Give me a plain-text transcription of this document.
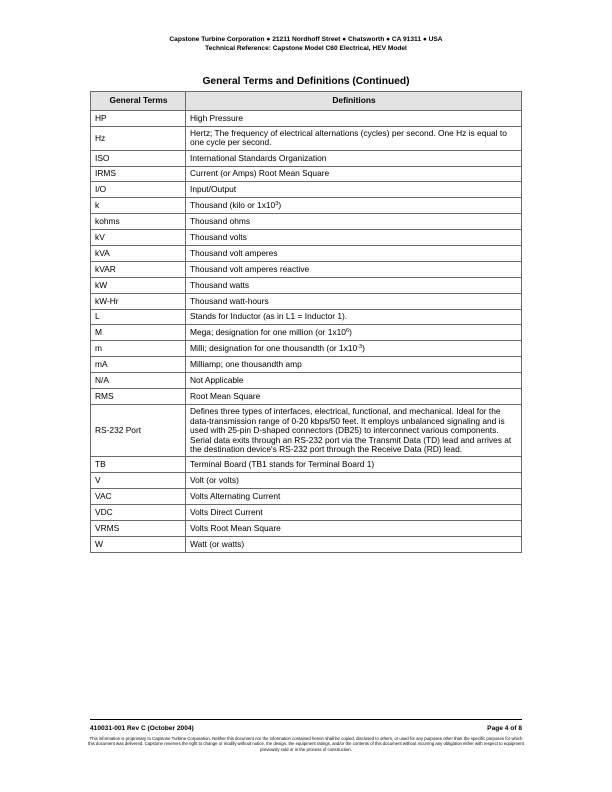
Capstone Turbine Corporation ● 21211 Nordhoff Street ● Chatsworth ● CA 91311 ● USA
Technical Reference: Capstone Model C60 Electrical, HEV Model
General Terms and Definitions (Continued)
General Terms	Definitions
HP	High Pressure
Hz	Hertz; The frequency of electrical alternations (cycles) per second. One Hz is equal to one cycle per second.
ISO	International Standards Organization
IRMS	Current (or Amps) Root Mean Square
I/O	Input/Output
k	Thousand (kilo or $1x10^3$)
kohms	Thousand ohms
kV	Thousand volts
kVA	Thousand volt amperes
kVAR	Thousand volt amperes reactive
kW	Thousand watts
kW-Hr	Thousand watt-hours
L	Stands for Inductor (as in L1 = Inductor 1).
M	Mega; designation for one million (or $1x10^6$)
m	Milli; designation for one thousandth (or $1x10^{-3}$)
mA	Milliamp; one thousandth amp
N/A	Not Applicable
RMS	Root Mean Square
RS-232 Port	Defines three types of interfaces, electrical, functional, and mechanical. Ideal for the data-transmission range of 0-20 kbps/50 feet. It employs unbalanced signaling and is used with 25-pin D-shaped connectors (DB25) to interconnect various components. Serial data exits through an RS-232 port via the Transmit Data (TD) lead and arrives at the destination device's RS-232 port through the Receive Data (RD) lead.
TB	Terminal Board (TB1 stands for Terminal Board 1)
V	Volt (or volts)
VAC	Volts Alternating Current
VDC	Volts Direct Current
VRMS	Volts Root Mean Square
W	Watt (or watts)
410031-001 Rev C (October 2004)	Page 4 of 8
This information is proprietary to Capstone Turbine Corporation. Neither this document nor the information contained herein shall be copied, disclosed to others, or used for any purposes other than the specific purposes for which this document was delivered. Capstone reserves the right to change or modify without notice, the design, the equipment ratings, and/or the contents of this document without incurring any obligation either with respect to equipment previously sold or in the process of construction.
